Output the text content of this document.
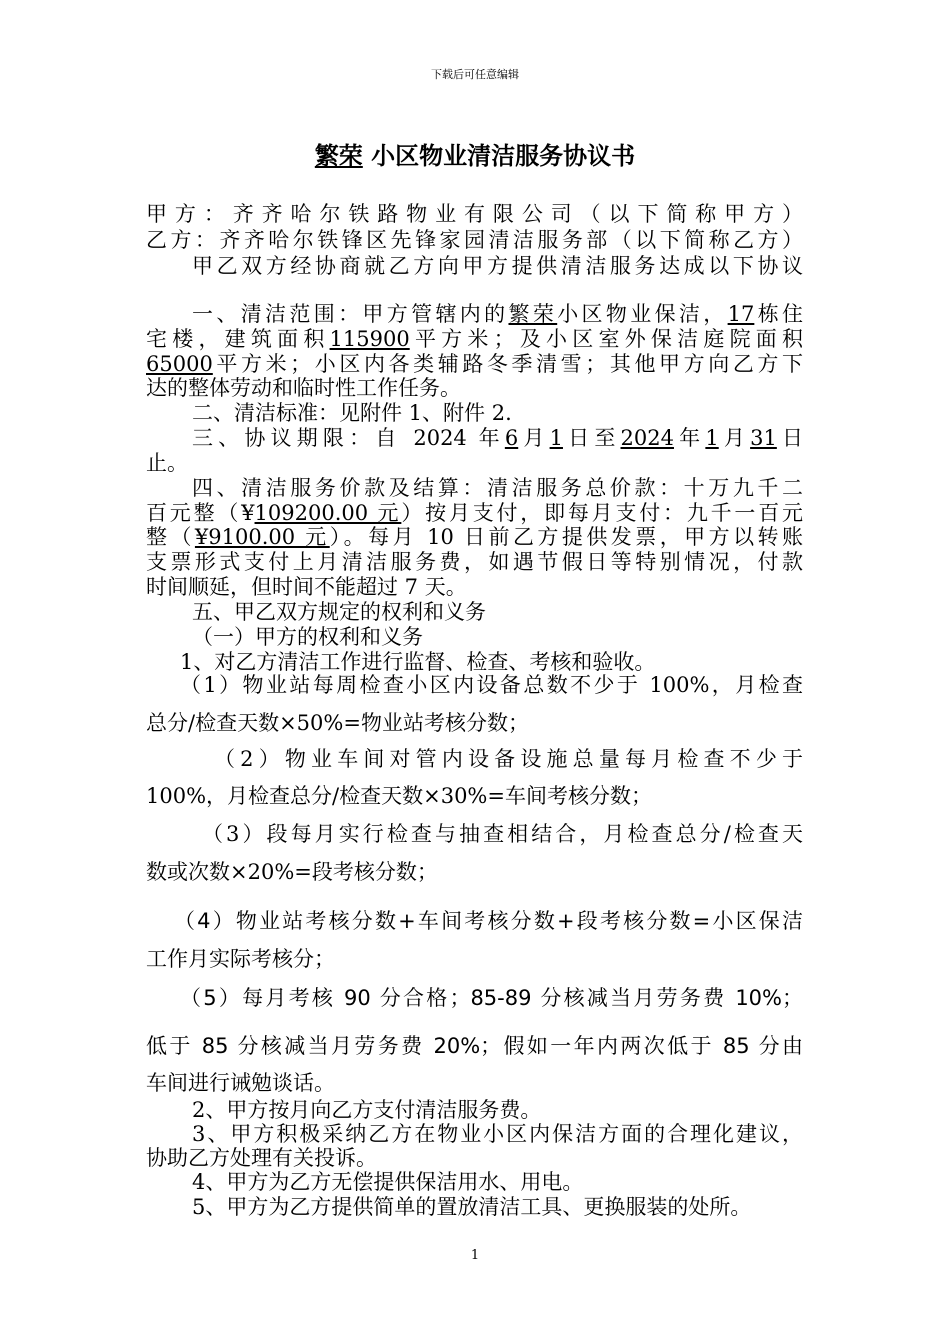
下载后可任意编辑
繁荣 小区物业清洁服务协议书
甲方：齐齐哈尔铁路物业有限公司（以下简称甲方）
乙方：齐齐哈尔铁锋区先锋家园清洁服务部（以下简称乙方）
甲乙双方经协商就乙方向甲方提供清洁服务达成以下协议
一、清洁范围：甲方管辖内的繁荣小区物业保洁，17栋住
宅楼，建筑面积115900平方米；及小区室外保洁庭院面积
65000平方米；小区内各类辅路冬季清雪；其他甲方向乙方下
达的整体劳动和临时性工作任务。
二、清洁标准：见附件 1、附件 2.
三、协议期限：自 2024 年6月1日至2024年1月31日
止。
四、清洁服务价款及结算：清洁服务总价款：十万九千二
百元整（¥109200.00 元）按月支付，即每月支付：九千一百元
整（¥9100.00 元）。每月 10 日前乙方提供发票，甲方以转账
支票形式支付上月清洁服务费，如遇节假日等特别情况，付款
时间顺延，但时间不能超过 7 天。
五、甲乙双方规定的权利和义务
（一）甲方的权利和义务
1、对乙方清洁工作进行监督、检查、考核和验收。
（1）物业站每周检查小区内设备总数不少于 100%，月检查
总分/检查天数×50%=物业站考核分数；
（2）物业车间对管内设备设施总量每月检查不少于
100%，月检查总分/检查天数×30%=车间考核分数；
（3）段每月实行检查与抽查相结合，月检查总分/检查天
数或次数×20%=段考核分数；
（4）物业站考核分数+车间考核分数+段考核分数=小区保洁
工作月实际考核分；
（5）每月考核 90 分合格；85-89 分核减当月劳务费 10%；
低于 85 分核减当月劳务费 20%；假如一年内两次低于 85 分由
车间进行诫勉谈话。
2、甲方按月向乙方支付清洁服务费。
3、甲方积极采纳乙方在物业小区内保洁方面的合理化建议，
协助乙方处理有关投诉。
4、甲方为乙方无偿提供保洁用水、用电。
5、甲方为乙方提供简单的置放清洁工具、更换服装的处所。
1
